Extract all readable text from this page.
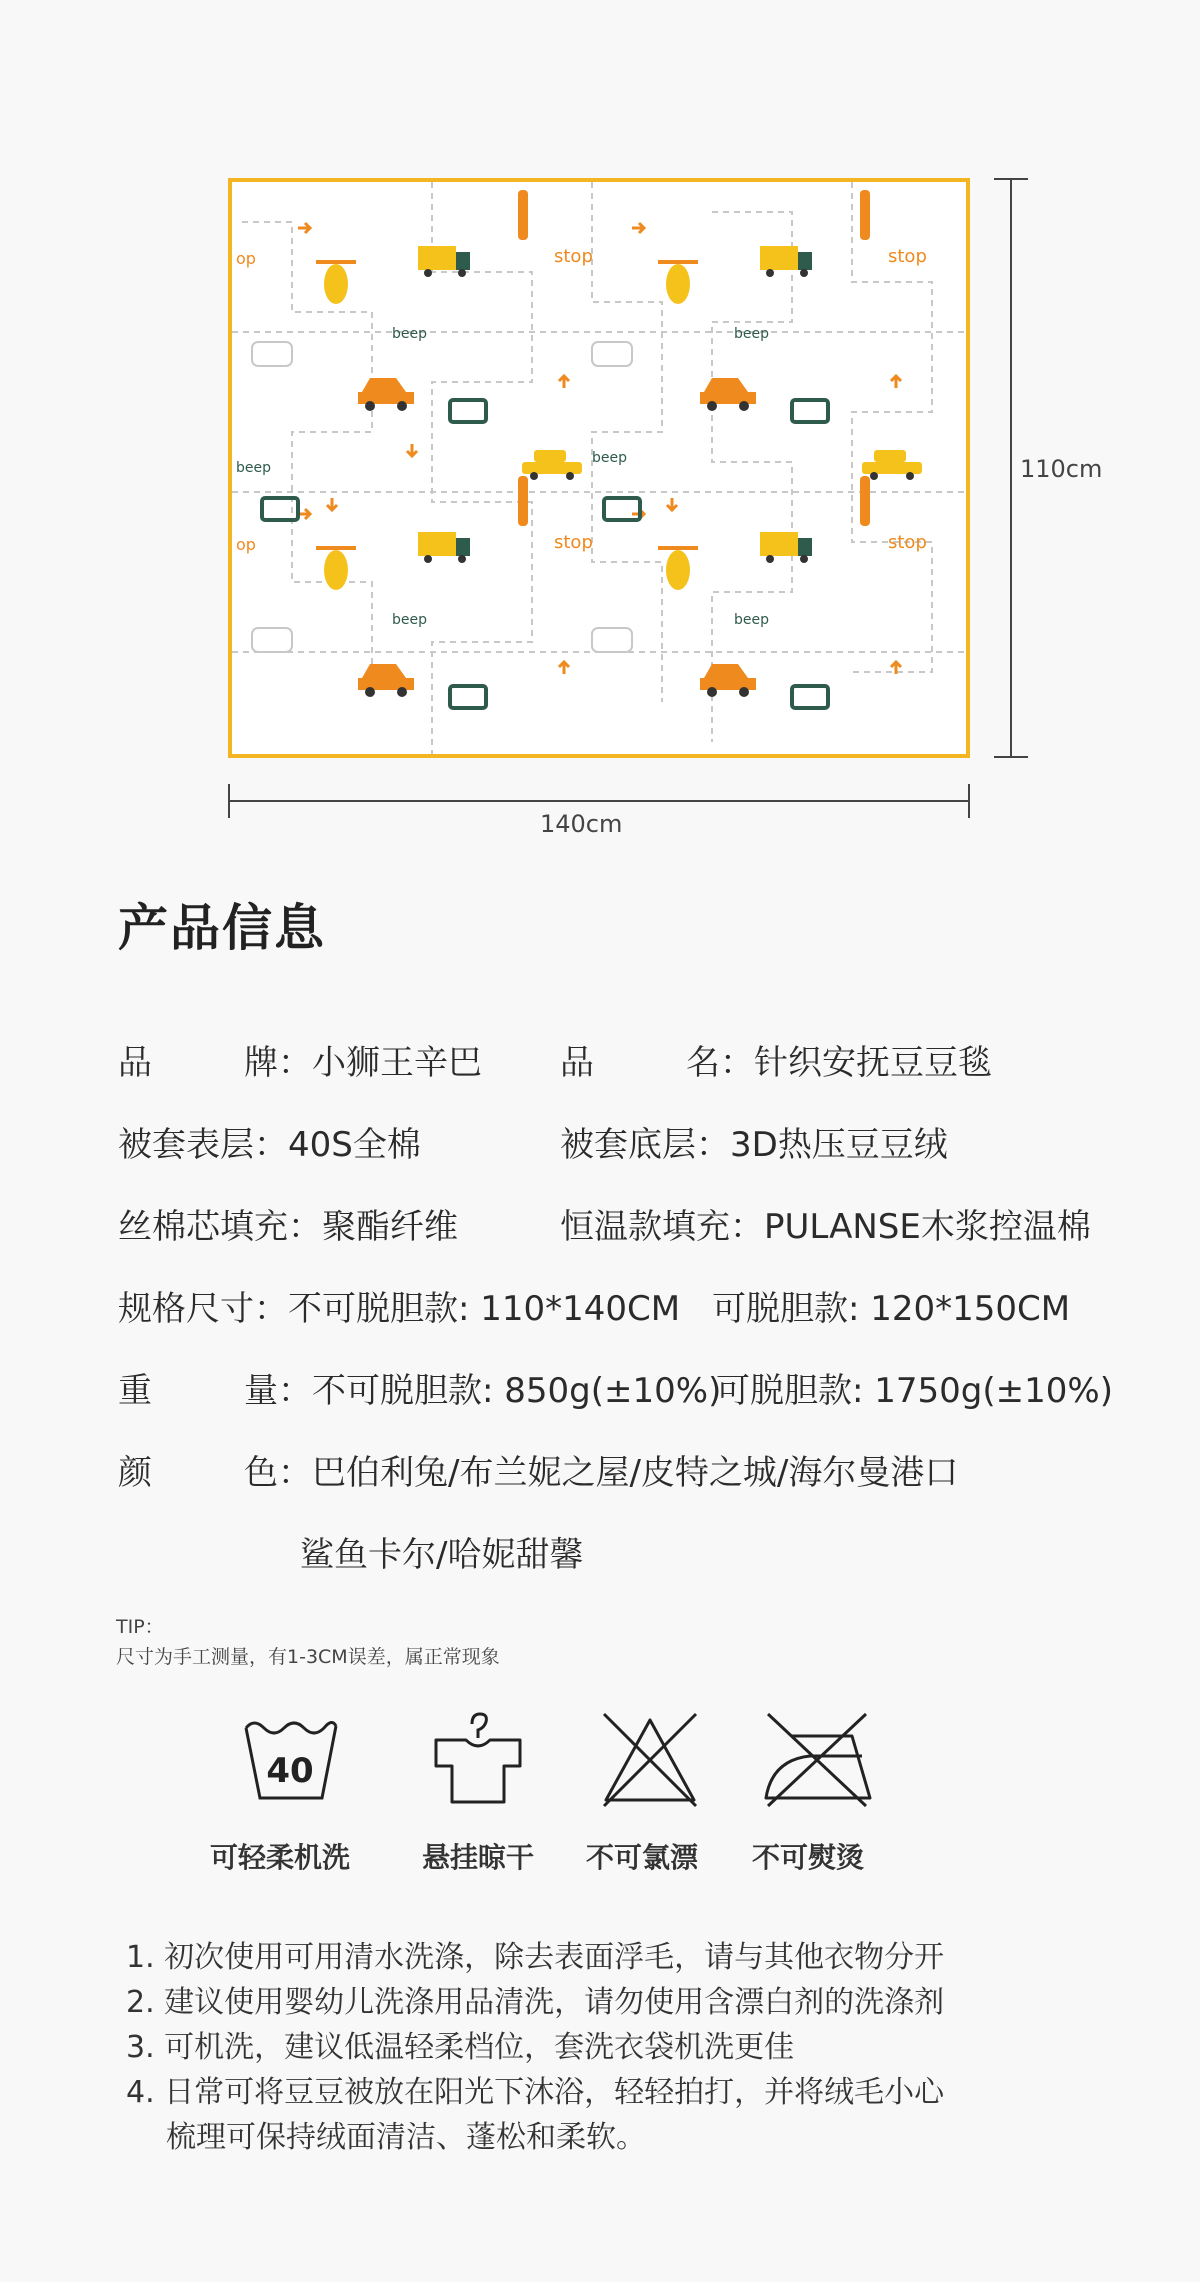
stop	stop
op
beep	beep
stop	stop
op
beep	beep
beep
beep	110cm
140cm
产品信息
品牌：小狮王辛巴 品名：针织安抚豆豆毯
被套表层：40S全棉	被套底层：3D热压豆豆绒
丝棉芯填充：聚酯纤维	恒温款填充：PULANSE木浆控温棉
规格尺寸：不可脱胆款: 110*140CM 可脱胆款: 120*150CM
重量：不可脱胆款: 850g(±10%)
可脱胆款: 1750g(±10%)
颜色：巴伯利兔/布兰妮之屋/皮特之城/海尔曼港口
鲨鱼卡尔/哈妮甜馨
TIP：
尺寸为手工测量，有1-3CM误差，属正常现象
40
可轻柔机洗	悬挂晾干 不可氯漂 不可熨烫
1. 初次使用可用清水洗涤，除去表面浮毛，请与其他衣物分开
2. 建议使用婴幼儿洗涤用品清洗，请勿使用含漂白剂的洗涤剂
3. 可机洗，建议低温轻柔档位，套洗衣袋机洗更佳
4. 日常可将豆豆被放在阳光下沐浴，轻轻拍打，并将绒毛小心
梳理可保持绒面清洁、蓬松和柔软。
